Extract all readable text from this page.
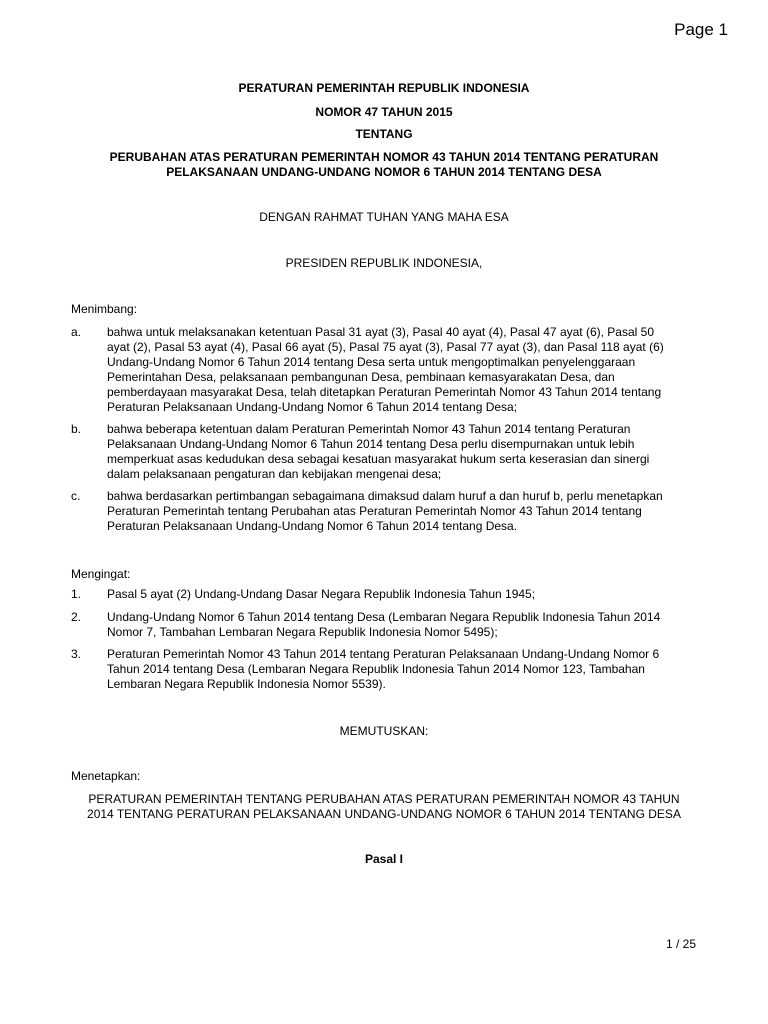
Page 1
PERATURAN PEMERINTAH REPUBLIK INDONESIA
NOMOR 47 TAHUN 2015
TENTANG
PERUBAHAN ATAS PERATURAN PEMERINTAH NOMOR 43 TAHUN 2014 TENTANG PERATURAN
PELAKSANAAN UNDANG-UNDANG NOMOR 6 TAHUN 2014 TENTANG DESA
DENGAN RAHMAT TUHAN YANG MAHA ESA
PRESIDEN REPUBLIK INDONESIA,
Menimbang:
a. bahwa untuk melaksanakan ketentuan Pasal 31 ayat (3), Pasal 40 ayat (4), Pasal 47 ayat (6), Pasal 50
ayat (2), Pasal 53 ayat (4), Pasal 66 ayat (5), Pasal 75 ayat (3), Pasal 77 ayat (3), dan Pasal 118 ayat (6)
Undang-Undang Nomor 6 Tahun 2014 tentang Desa serta untuk mengoptimalkan penyelenggaraan
Pemerintahan Desa, pelaksanaan pembangunan Desa, pembinaan kemasyarakatan Desa, dan
pemberdayaan masyarakat Desa, telah ditetapkan Peraturan Pemerintah Nomor 43 Tahun 2014 tentang
Peraturan Pelaksanaan Undang-Undang Nomor 6 Tahun 2014 tentang Desa;
b. bahwa beberapa ketentuan dalam Peraturan Pemerintah Nomor 43 Tahun 2014 tentang Peraturan
Pelaksanaan Undang-Undang Nomor 6 Tahun 2014 tentang Desa perlu disempurnakan untuk lebih
memperkuat asas kedudukan desa sebagai kesatuan masyarakat hukum serta keserasian dan sinergi
dalam pelaksanaan pengaturan dan kebijakan mengenai desa;
c. bahwa berdasarkan pertimbangan sebagaimana dimaksud dalam huruf a dan huruf b, perlu menetapkan
Peraturan Pemerintah tentang Perubahan atas Peraturan Pemerintah Nomor 43 Tahun 2014 tentang
Peraturan Pelaksanaan Undang-Undang Nomor 6 Tahun 2014 tentang Desa.
Mengingat:
1. Pasal 5 ayat (2) Undang-Undang Dasar Negara Republik Indonesia Tahun 1945;
2. Undang-Undang Nomor 6 Tahun 2014 tentang Desa (Lembaran Negara Republik Indonesia Tahun 2014
Nomor 7, Tambahan Lembaran Negara Republik Indonesia Nomor 5495);
3. Peraturan Pemerintah Nomor 43 Tahun 2014 tentang Peraturan Pelaksanaan Undang-Undang Nomor 6
Tahun 2014 tentang Desa (Lembaran Negara Republik Indonesia Tahun 2014 Nomor 123, Tambahan
Lembaran Negara Republik Indonesia Nomor 5539).
MEMUTUSKAN:
Menetapkan:
PERATURAN PEMERINTAH TENTANG PERUBAHAN ATAS PERATURAN PEMERINTAH NOMOR 43 TAHUN
2014 TENTANG PERATURAN PELAKSANAAN UNDANG-UNDANG NOMOR 6 TAHUN 2014 TENTANG DESA
Pasal I
1 / 25
